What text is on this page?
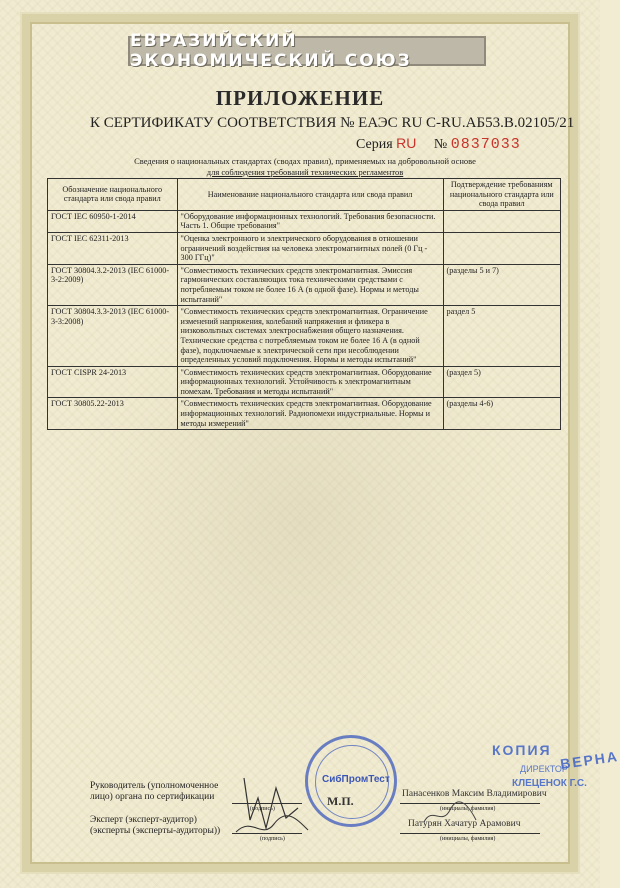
ЕВРАЗИЙСКИЙ ЭКОНОМИЧЕСКИЙ СОЮЗ
ПРИЛОЖЕНИЕ
К СЕРТИФИКАТУ СООТВЕТСТВИЯ № ЕАЭС RU C-RU.АБ53.В.02105/21
Серия RU № 0837033
Сведения о национальных стандартах (сводах правил), применяемых на добровольной основе
для соблюдения требований технических регламентов
Обозначение национального стандарта или свода правил	Наименование национального стандарта или свода правил	Подтверждение требованиям национального стандарта или свода правил
ГОСТ IEC 60950-1-2014	"Оборудование информационных технологий. Требования безопасности. Часть 1. Общие требования"	
ГОСТ IEC 62311-2013	"Оценка электронного и электрического оборудования в отношении ограничений воздействия на человека электромагнитных полей (0 Гц - 300 ГГц)"	
ГОСТ 30804.3.2-2013 (IEC 61000-3-2:2009)	"Совместимость технических средств электромагнитная. Эмиссия гармонических составляющих тока техническими средствами с потребляемым током не более 16 А (в одной фазе). Нормы и методы испытаний"	(разделы 5 и 7)
ГОСТ 30804.3.3-2013 (IEC 61000-3-3:2008)	"Совместимость технических средств электромагнитная. Ограничение изменений напряжения, колебаний напряжения и фликера в низковольтных системах электроснабжения общего назначения. Технические средства с потребляемым током не более 16 А (в одной фазе), подключаемые к электрической сети при несоблюдении определенных условий подключения. Нормы и методы испытаний"	раздел 5
ГОСТ CISPR 24-2013	"Совместимость технических средств электромагнитная. Оборудование информационных технологий. Устойчивость к электромагнитным помехам. Требования и методы испытаний"	(раздел 5)
ГОСТ 30805.22-2013	"Совместимость технических средств электромагнитная. Оборудование информационных технологий. Радиопомехи индустриальные. Нормы и методы измерений"	(разделы 4-6)
Руководитель (уполномоченное
лицо) органа по сертификации
(подпись)
Панасенков Максим Владимирович
(инициалы, фамилия)
Эксперт (эксперт-аудитор)
(эксперты (эксперты-аудиторы))
(подпись)
Патурян Хачатур Арамович
(инициалы, фамилия)
СибПромТест
М.П.
КОПИЯ ВЕРНА
ДИРЕКТОР
КЛЕЦЕНОК Г.С.
